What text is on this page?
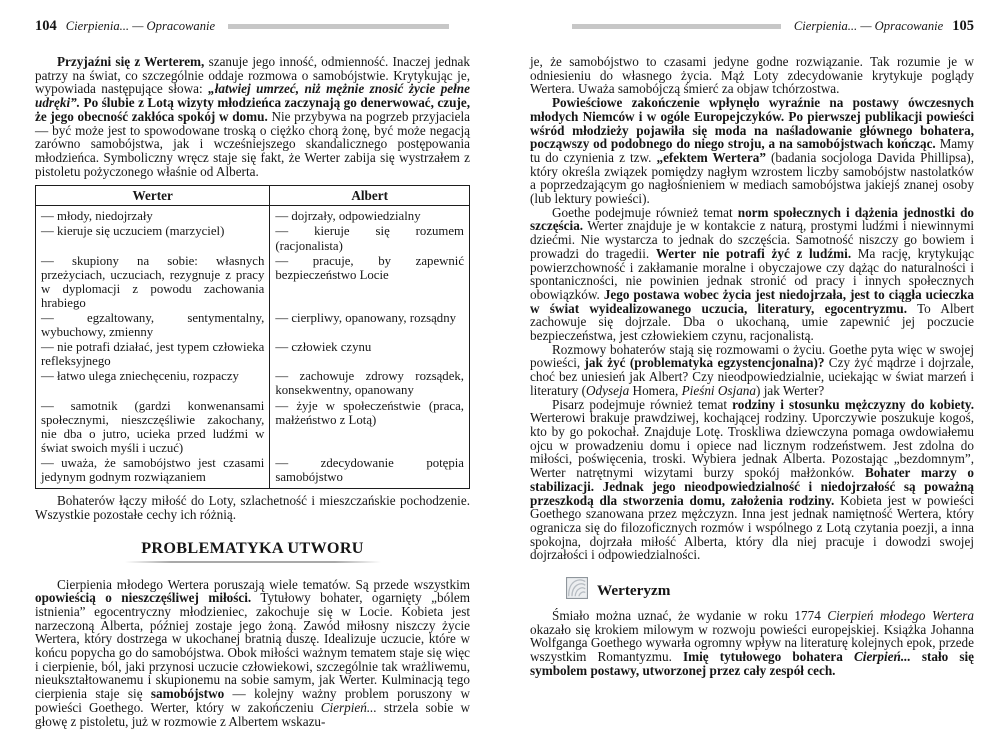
104 Cierpienia... — Opracowanie

Przyjaźni się z Werterem, szanuje jego inność, odmienność. Inaczej jednak patrzy na świat, co szczególnie oddaje rozmowa o samobójstwie. Krytykując je, wypowiada następujące słowa: „łatwiej umrzeć, niż mężnie znosić życie pełne udręki”. Po ślubie z Lotą wizyty młodzieńca zaczynają go denerwować, czuje, że jego obecność zakłóca spokój w domu. Nie przybywa na pogrzeb przyjaciela — być może jest to spowodowane troską o ciężko chorą żonę, być może negacją zarówno samobójstwa, jak i wcześniejszego skandalicznego postępowania młodzieńca. Symboliczny wręcz staje się fakt, że Werter zabija się wystrzałem z pistoletu pożyczonego właśnie od Alberta.

Werter	Albert
— młody, niedojrzały	— dojrzały, odpowiedzialny
— kieruje się uczuciem (marzyciel)	— kieruje się rozumem (racjonalista)
— skupiony na sobie: własnych przeżyciach, uczuciach, rezygnuje z pracy w dyplomacji z powodu zachowania hrabiego	— pracuje, by zapewnić bezpieczeństwo Locie
— egzaltowany, sentymentalny, wybuchowy, zmienny	— cierpliwy, opanowany, rozsądny
— nie potrafi działać, jest typem człowieka refleksyjnego	— człowiek czynu
— łatwo ulega zniechęceniu, rozpaczy	— zachowuje zdrowy rozsądek, konsekwentny, opanowany
— samotnik (gardzi konwenansami społecznymi, nieszczęśliwie zakochany, nie dba o jutro, ucieka przed ludźmi w świat swoich myśli i uczuć)	— żyje w społeczeństwie (praca, małżeństwo z Lotą)
— uważa, że samobójstwo jest czasami jedynym godnym rozwiązaniem	— zdecydowanie potępia samobójstwo

Bohaterów łączy miłość do Loty, szlachetność i mieszczańskie pochodzenie. Wszystkie pozostałe cechy ich różnią.

PROBLEMATYKA UTWORU

Cierpienia młodego Wertera poruszają wiele tematów. Są przede wszystkim opowieścią o nieszczęśliwej miłości. Tytułowy bohater, ogarnięty „bólem istnienia” egocentryczny młodzieniec, zakochuje się w Locie. Kobieta jest narzeczoną Alberta, później zostaje jego żoną. Zawód miłosny niszczy życie Wertera, który dostrzega w ukochanej bratnią duszę. Idealizuje uczucie, które w końcu popycha go do samobójstwa. Obok miłości ważnym tematem staje się więc i cierpienie, ból, jaki przynosi uczucie człowiekowi, szczególnie tak wrażliwemu, nieukształtowanemu i skupionemu na sobie samym, jak Werter. Kulminacją tego cierpienia staje się samobójstwo — kolejny ważny problem poruszony w powieści Goethego. Werter, który w zakończeniu Cierpień... strzela sobie w głowę z pistoletu, już w rozmowie z Albertem wskazu-

Cierpienia... — Opracowanie 105

je, że samobójstwo to czasami jedyne godne rozwiązanie. Tak rozumie je w odniesieniu do własnego życia. Mąż Loty zdecydowanie krytykuje poglądy Wertera. Uważa samobójczą śmierć za objaw tchórzostwa.

Powieściowe zakończenie wpłynęło wyraźnie na postawy ówczesnych młodych Niemców i w ogóle Europejczyków. Po pierwszej publikacji powieści wśród młodzieży pojawiła się moda na naśladowanie głównego bohatera, począwszy od podobnego do niego stroju, a na samobójstwach kończąc. Mamy tu do czynienia z tzw. „efektem Wertera” (badania socjologa Davida Phillipsa), który określa związek pomiędzy nagłym wzrostem liczby samobójstw nastolatków a poprzedzającym go nagłośnieniem w mediach samobójstwa jakiejś znanej osoby (lub lektury powieści).

Goethe podejmuje również temat norm społecznych i dążenia jednostki do szczęścia. Werter znajduje je w kontakcie z naturą, prostymi ludźmi i niewinnymi dziećmi. Nie wystarcza to jednak do szczęścia. Samotność niszczy go bowiem i prowadzi do tragedii. Werter nie potrafi żyć z ludźmi. Ma rację, krytykując powierzchowność i zakłamanie moralne i obyczajowe czy dążąc do naturalności i spontaniczności, nie powinien jednak stronić od pracy i innych społecznych obowiązków. Jego postawa wobec życia jest niedojrzała, jest to ciągła ucieczka w świat wyidealizowanego uczucia, literatury, egocentryzmu. To Albert zachowuje się dojrzale. Dba o ukochaną, umie zapewnić jej poczucie bezpieczeństwa, jest człowiekiem czynu, racjonalistą.

Rozmowy bohaterów stają się rozmowami o życiu. Goethe pyta więc w swojej powieści, jak żyć (problematyka egzystencjonalna)? Czy żyć mądrze i dojrzale, choć bez uniesień jak Albert? Czy nieodpowiedzialnie, uciekając w świat marzeń i literatury (Odyseja Homera, Pieśni Osjana) jak Werter?

Pisarz podejmuje również temat rodziny i stosunku mężczyzny do kobiety. Werterowi brakuje prawdziwej, kochającej rodziny. Uporczywie poszukuje kogoś, kto by go pokochał. Znajduje Lotę. Troskliwa dziewczyna pomaga owdowiałemu ojcu w prowadzeniu domu i opiece nad licznym rodzeństwem. Jest zdolna do miłości, poświęcenia, troski. Wybiera jednak Alberta. Pozostając „bezdomnym”, Werter natrętnymi wizytami burzy spokój małżonków. Bohater marzy o stabilizacji. Jednak jego nieodpowiedzialność i niedojrzałość są poważną przeszkodą dla stworzenia domu, założenia rodziny. Kobieta jest w powieści Goethego szanowana przez mężczyzn. Inna jest jednak namiętność Wertera, który ogranicza się do filozoficznych rozmów i wspólnego z Lotą czytania poezji, a inna spokojna, dojrzała miłość Alberta, który dla niej pracuje i dowodzi swojej dojrzałości i odpowiedzialności.

Werteryzm

Śmiało można uznać, że wydanie w roku 1774 Cierpień młodego Wertera okazało się krokiem milowym w rozwoju powieści europejskiej. Książka Johanna Wolfganga Goethego wywarła ogromny wpływ na literaturę kolejnych epok, przede wszystkim Romantyzmu. Imię tytułowego bohatera Cierpień... stało się symbolem postawy, utworzonej przez cały zespół cech.
